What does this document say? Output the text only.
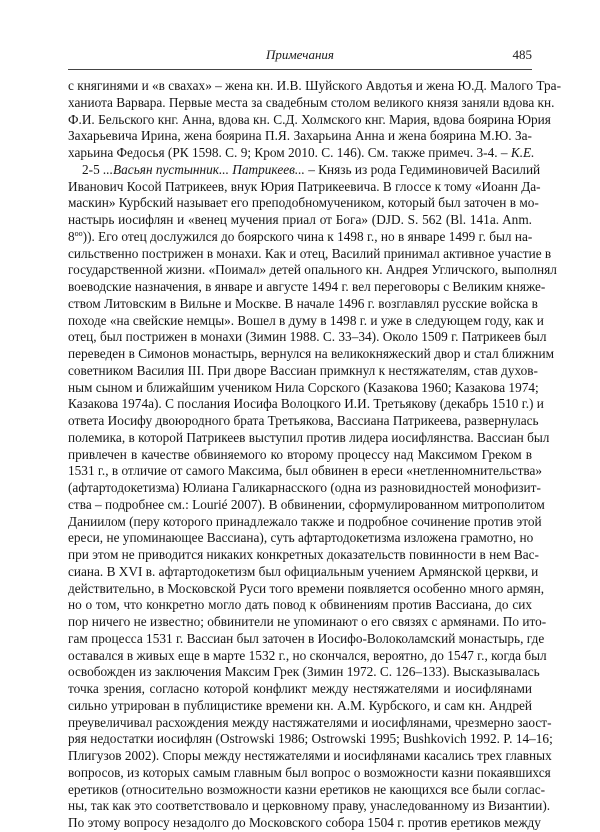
Примечания	485
с княгинями и «в свахах» – жена кн. И.В. Шуйского Авдотья и жена Ю.Д. Малого Тра-
ханиота Варвара. Первые места за свадебным столом великого князя заняли вдова кн.
Ф.И. Бельского кнг. Анна, вдова кн. С.Д. Холмского кнг. Мария, вдова боярина Юрия
Захарьевича Ирина, жена боярина П.Я. Захарьина Анна и жена боярина М.Ю. За-
харьина Федосья (РК 1598. С. 9; Кром 2010. С. 146). См. также примеч. 3-4. – К.Е.
2-5 ...Васьян пустынник... Патрикеев... – Князь из рода Гедиминовичей Василий
Иванович Косой Патрикеев, внук Юрия Патрикеевича. В глоссе к тому «Иоанн Да-
маскин» Курбский называет его преподобномучеником, который был заточен в мо-
настырь иосифлян и «венец мучения приал от Бога» (DJD. S. 562 (Bl. 141a. Anm.
$8^{oo}$)). Его отец дослужился до боярского чина к 1498 г., но в январе 1499 г. был на-
сильственно пострижен в монахи. Как и отец, Василий принимал активное участие в
государственной жизни. «Поимал» детей опального кн. Андрея Угличского, выполнял
воеводские назначения, в январе и августе 1494 г. вел переговоры с Великим княже-
ством Литовским в Вильне и Москве. В начале 1496 г. возглавлял русские войска в
походе «на свейские немцы». Вошел в думу в 1498 г. и уже в следующем году, как и
отец, был пострижен в монахи (Зимин 1988. С. 33–34). Около 1509 г. Патрикеев был
переведен в Симонов монастырь, вернулся на великокняжеский двор и стал ближним
советником Василия III. При дворе Вассиан примкнул к нестяжателям, став духов-
ным сыном и ближайшим учеником Нила Сорского (Казакова 1960; Казакова 1974;
Казакова 1974а). С послания Иосифа Волоцкого И.И. Третьякову (декабрь 1510 г.) и
ответа Иосифу двоюродного брата Третьякова, Вассиана Патрикеева, развернулась
полемика, в которой Патрикеев выступил против лидера иосифлянства. Вассиан был
привлечен в качестве обвиняемого ко второму процессу над Максимом Греком в
1531 г., в отличие от самого Максима, был обвинен в ереси «нетленномнительства»
(афтартодокетизма) Юлиана Галикарнасского (одна из разновидностей монофизит-
ства – подробнее см.: Lourié 2007). В обвинении, сформулированном митрополитом
Даниилом (перу которого принадлежало также и подробное сочинение против этой
ереси, не упоминающее Вассиана), суть афтартодокетизма изложена грамотно, но
при этом не приводится никаких конкретных доказательств повинности в нем Вас-
сиана. В XVI в. афтартодокетизм был официальным учением Армянской церкви, и
действительно, в Московской Руси того времени появляется особенно много армян,
но о том, что конкретно могло дать повод к обвинениям против Вассиана, до сих
пор ничего не известно; обвинители не упоминают о его связях с армянами. По ито-
гам процесса 1531 г. Вассиан был заточен в Иосифо-Волоколамский монастырь, где
оставался в живых еще в марте 1532 г., но скончался, вероятно, до 1547 г., когда был
освобожден из заключения Максим Грек (Зимин 1972. С. 126–133). Высказывалась
точка зрения, согласно которой конфликт между нестяжателями и иосифлянами
сильно утрирован в публицистике времени кн. А.М. Курбского, и сам кн. Андрей
преувеличивал расхождения между настяжателями и иосифлянами, чрезмерно заост-
ряя недостатки иосифлян (Ostrowski 1986; Ostrowski 1995; Bushkovich 1992. P. 14–16;
Плигузов 2002). Споры между нестяжателями и иосифлянами касались трех главных
вопросов, из которых самым главным был вопрос о возможности казни покаявшихся
еретиков (относительно возможности казни еретиков не кающихся все были соглас-
ны, так как это соответствовало и церковному праву, унаследованному из Византии).
По этому вопросу незадолго до Московского собора 1504 г. против еретиков между
